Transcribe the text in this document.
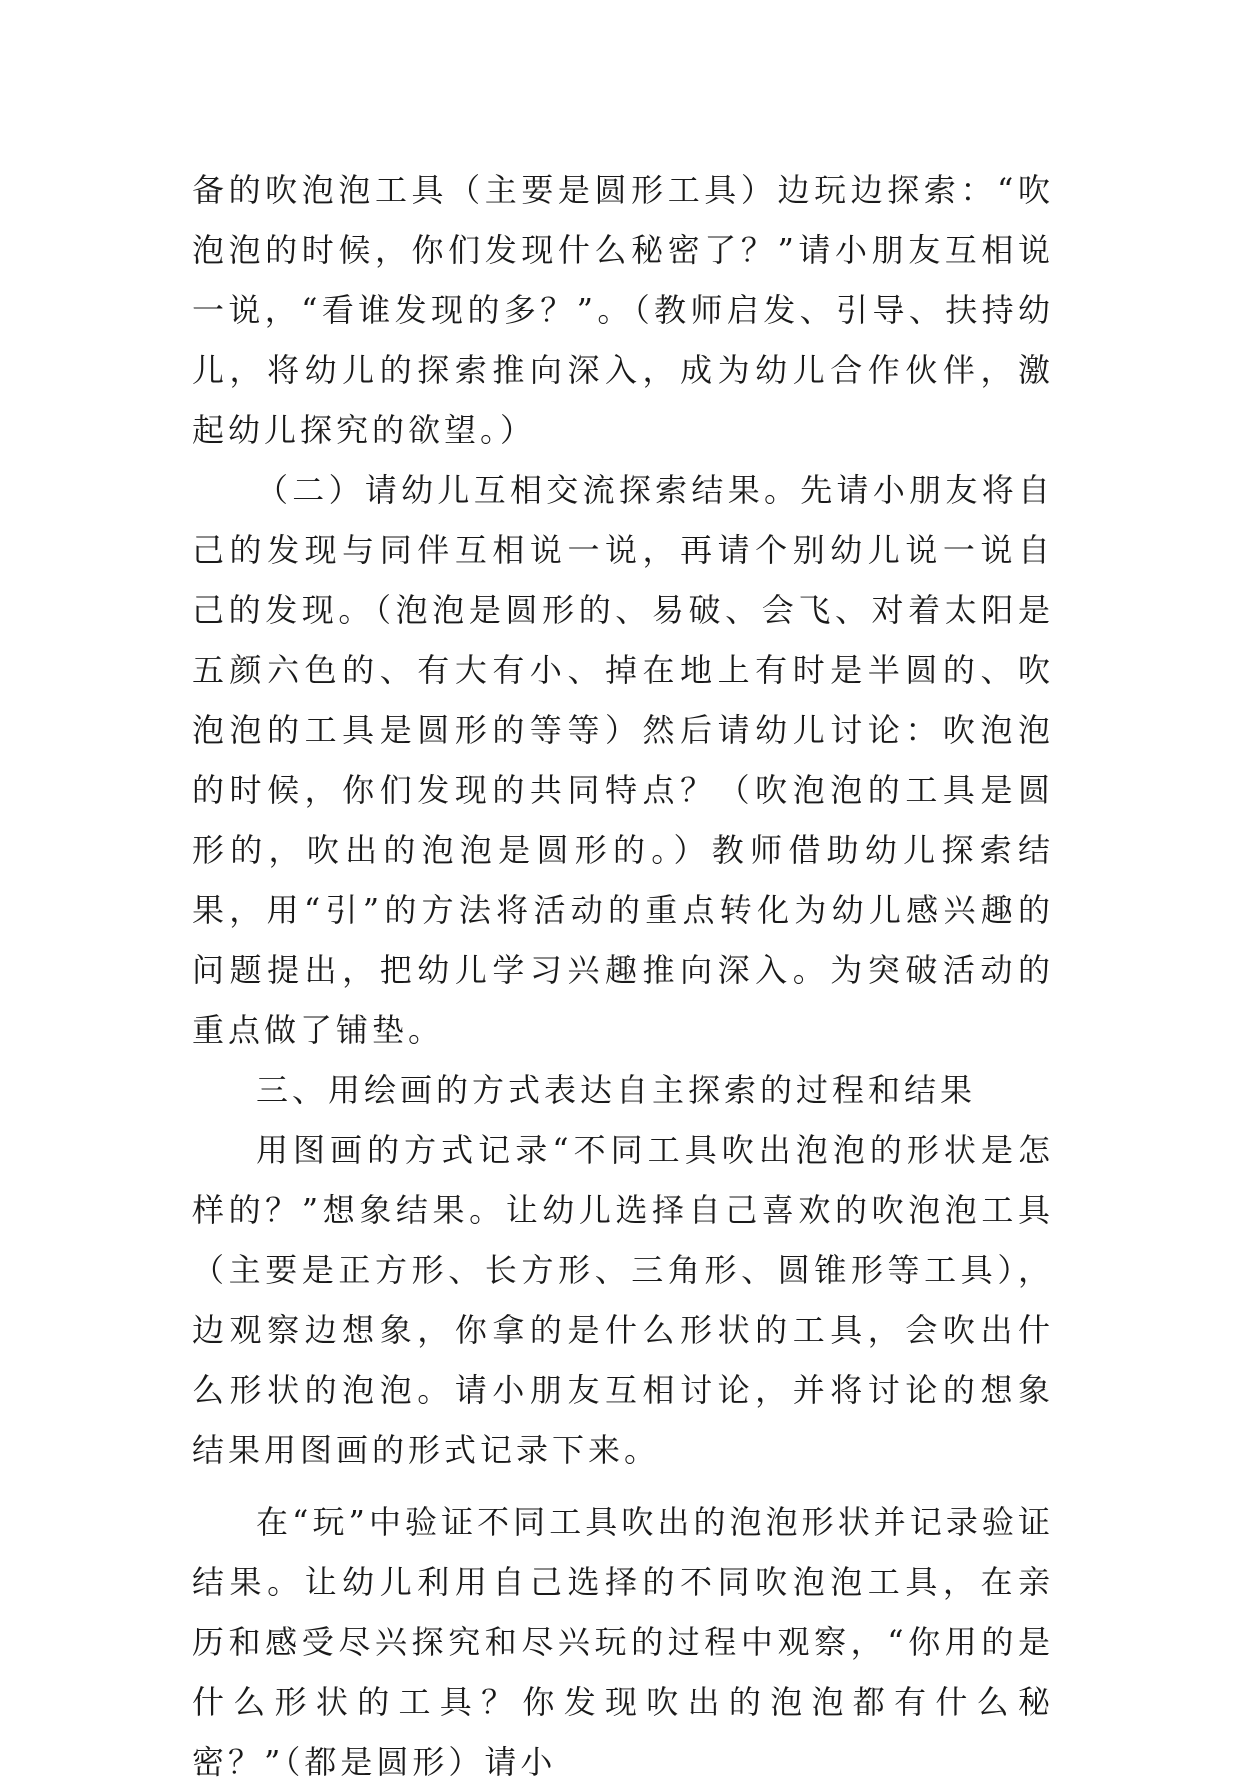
备的吹泡泡工具（主要是圆形工具）边玩边探索：“吹泡泡的时候，你们发现什么秘密了？”请小朋友互相说一说，“看谁发现的多？”。（教师启发、引导、扶持幼儿，将幼儿的探索推向深入，成为幼儿合作伙伴，激起幼儿探究的欲望。）

（二）请幼儿互相交流探索结果。先请小朋友将自己的发现与同伴互相说一说，再请个别幼儿说一说自己的发现。（泡泡是圆形的、易破、会飞、对着太阳是五颜六色的、有大有小、掉在地上有时是半圆的、吹泡泡的工具是圆形的等等）然后请幼儿讨论：吹泡泡的时候，你们发现的共同特点？（吹泡泡的工具是圆形的，吹出的泡泡是圆形的。）教师借助幼儿探索结果，用“引”的方法将活动的重点转化为幼儿感兴趣的问题提出，把幼儿学习兴趣推向深入。为突破活动的重点做了铺垫。

三、用绘画的方式表达自主探索的过程和结果

用图画的方式记录“不同工具吹出泡泡的形状是怎样的？”想象结果。让幼儿选择自己喜欢的吹泡泡工具（主要是正方形、长方形、三角形、圆锥形等工具），边观察边想象，你拿的是什么形状的工具，会吹出什么形状的泡泡。请小朋友互相讨论，并将讨论的想象结果用图画的形式记录下来。

在“玩”中验证不同工具吹出的泡泡形状并记录验证结果。让幼儿利用自己选择的不同吹泡泡工具，在亲历和感受尽兴探究和尽兴玩的过程中观察，“你用的是什么形状的工具？你发现吹出的泡泡都有什么秘密？”（都是圆形）请小
